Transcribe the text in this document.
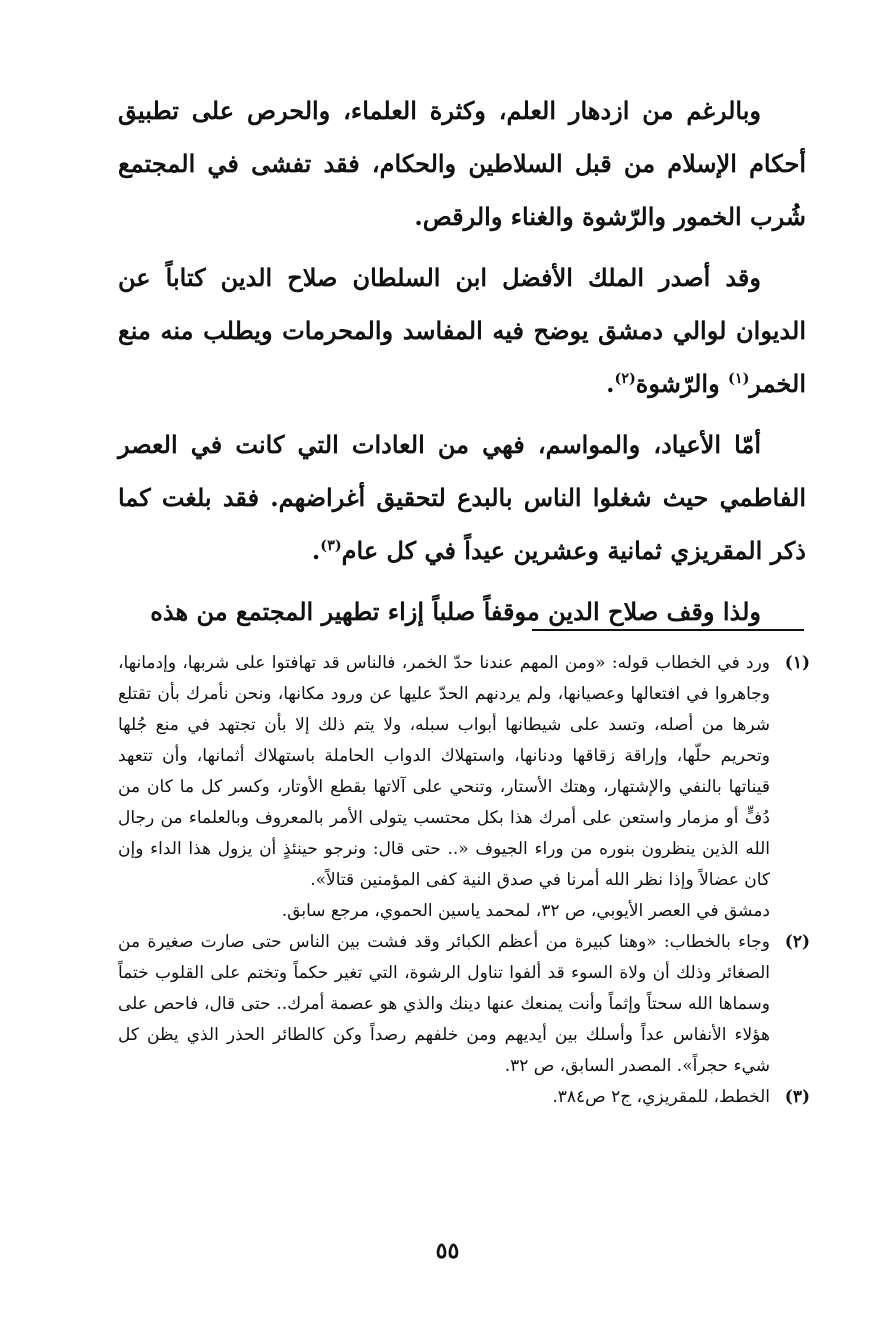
وبالرغم من ازدهار العلم، وكثرة العلماء، والحرص على تطبيق أحكام الإسلام من قبل السلاطين والحكام، فقد تفشى في المجتمع شُرب الخمور والرّشوة والغناء والرقص.

وقد أصدر الملك الأفضل ابن السلطان صلاح الدين كتاباً عن الديوان لوالي دمشق يوضح فيه المفاسد والمحرمات ويطلب منه منع الخمر$^{(١)}$ والرّشوة$^{(٢)}$.

أمّا الأعياد، والمواسم، فهي من العادات التي كانت في العصر الفاطمي حيث شغلوا الناس بالبدع لتحقيق أغراضهم. فقد بلغت كما ذكر المقريزي ثمانية وعشرين عيداً في كل عام$^{(٣)}$.

ولذا وقف صلاح الدين موقفاً صلباً إزاء تطهير المجتمع من هذه

(١)
ورد في الخطاب قوله: «ومن المهم عندنا حدّ الخمر، فالناس قد تهافتوا على شربها، وإدمانها، وجاهروا في افتعالها وعصيانها، ولم يردنهم الحدّ عليها عن ورود مكانها، ونحن نأمرك بأن تقتلع شرها من أصله، وتسد على شيطانها أبواب سبله، ولا يتم ذلك إلا بأن تجتهد في منع جُلها وتحريم حلّها، وإراقة زقاقها ودنانها، واستهلاك الدواب الحاملة باستهلاك أثمانها، وأن تتعهد قيناتها بالنفي والإشتهار، وهتك الأستار، وتنحي على آلاتها بقطع الأوتار، وكسر كل ما كان من دُفٍّ أو مزمار واستعن على أمرك هذا بكل محتسب يتولى الأمر بالمعروف وبالعلماء من رجال الله الذين ينظرون بنوره من وراء الجيوف «.. حتى قال: ونرجو حينئذٍ أن يزول هذا الداء وإن كان عضالاً وإذا نظر الله أمرنا في صدق النية كفى المؤمنين قتالاً».
دمشق في العصر الأيوبي، ص ٣٢، لمحمد ياسين الحموي، مرجع سابق.
(٢)
وجاء بالخطاب: «وهنا كبيرة من أعظم الكبائر وقد فشت بين الناس حتى صارت صغيرة من الصغائر وذلك أن ولاة السوء قد ألفوا تناول الرشوة، التي تغير حكماً وتختم على القلوب ختماً وسماها الله سحتاً وإثماً وأنت يمنعك عنها دينك والذي هو عصمة أمرك.. حتى قال، فاحص على هؤلاء الأنفاس عداً وأسلك بين أيديهم ومن خلفهم رصداً وكن كالطائر الحذر الذي يظن كل شيء حجراً». المصدر السابق، ص ٣٢.
(٣)
الخطط، للمقريزي، ج٢ ص٣٨٤.
٥٥
